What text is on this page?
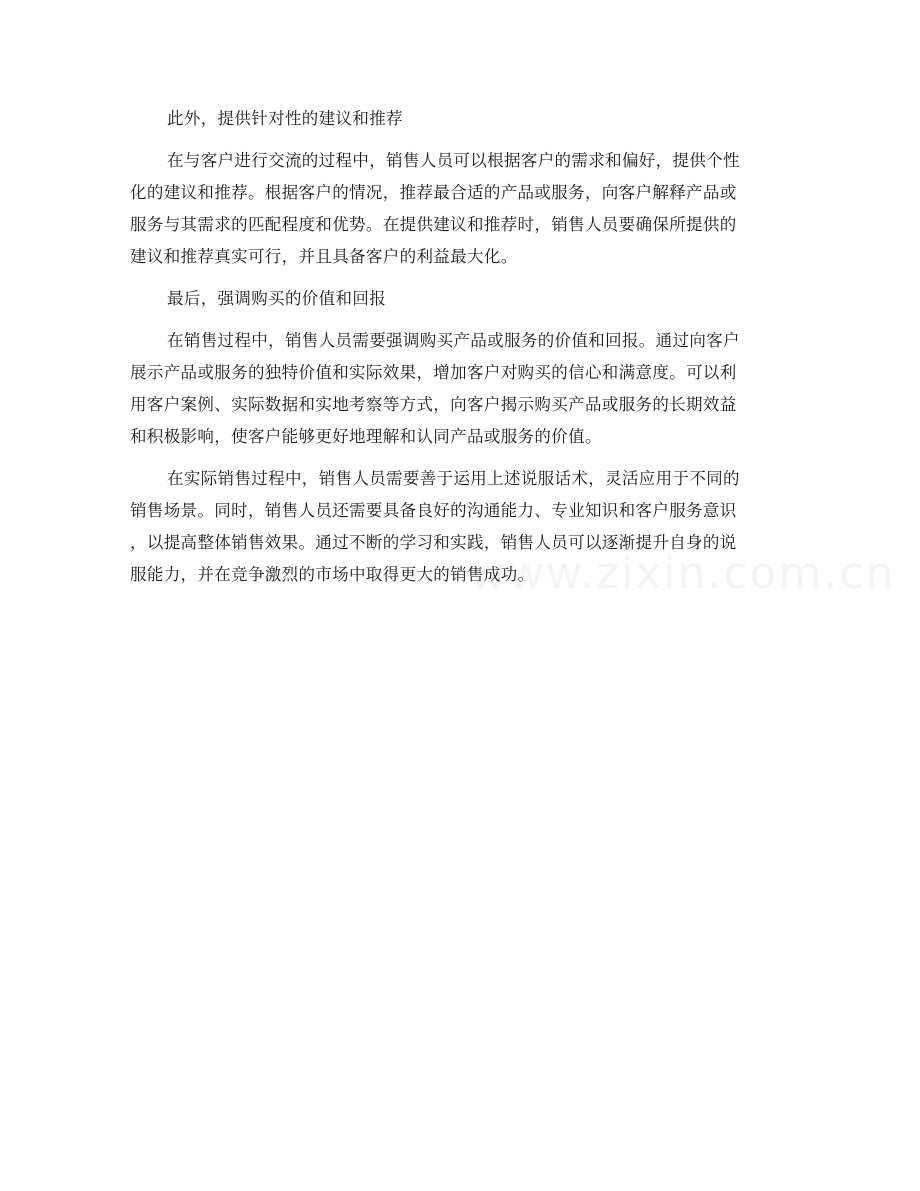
www.zixin.com.cn
此外，提供针对性的建议和推荐
在与客户进行交流的过程中，销售人员可以根据客户的需求和偏好，提供个性
化的建议和推荐。根据客户的情况，推荐最合适的产品或服务，向客户解释产品或
服务与其需求的匹配程度和优势。在提供建议和推荐时，销售人员要确保所提供的
建议和推荐真实可行，并且具备客户的利益最大化。
最后，强调购买的价值和回报
在销售过程中，销售人员需要强调购买产品或服务的价值和回报。通过向客户
展示产品或服务的独特价值和实际效果，增加客户对购买的信心和满意度。可以利
用客户案例、实际数据和实地考察等方式，向客户揭示购买产品或服务的长期效益
和积极影响，使客户能够更好地理解和认同产品或服务的价值。
在实际销售过程中，销售人员需要善于运用上述说服话术，灵活应用于不同的
销售场景。同时，销售人员还需要具备良好的沟通能力、专业知识和客户服务意识
，以提高整体销售效果。通过不断的学习和实践，销售人员可以逐渐提升自身的说
服能力，并在竞争激烈的市场中取得更大的销售成功。
